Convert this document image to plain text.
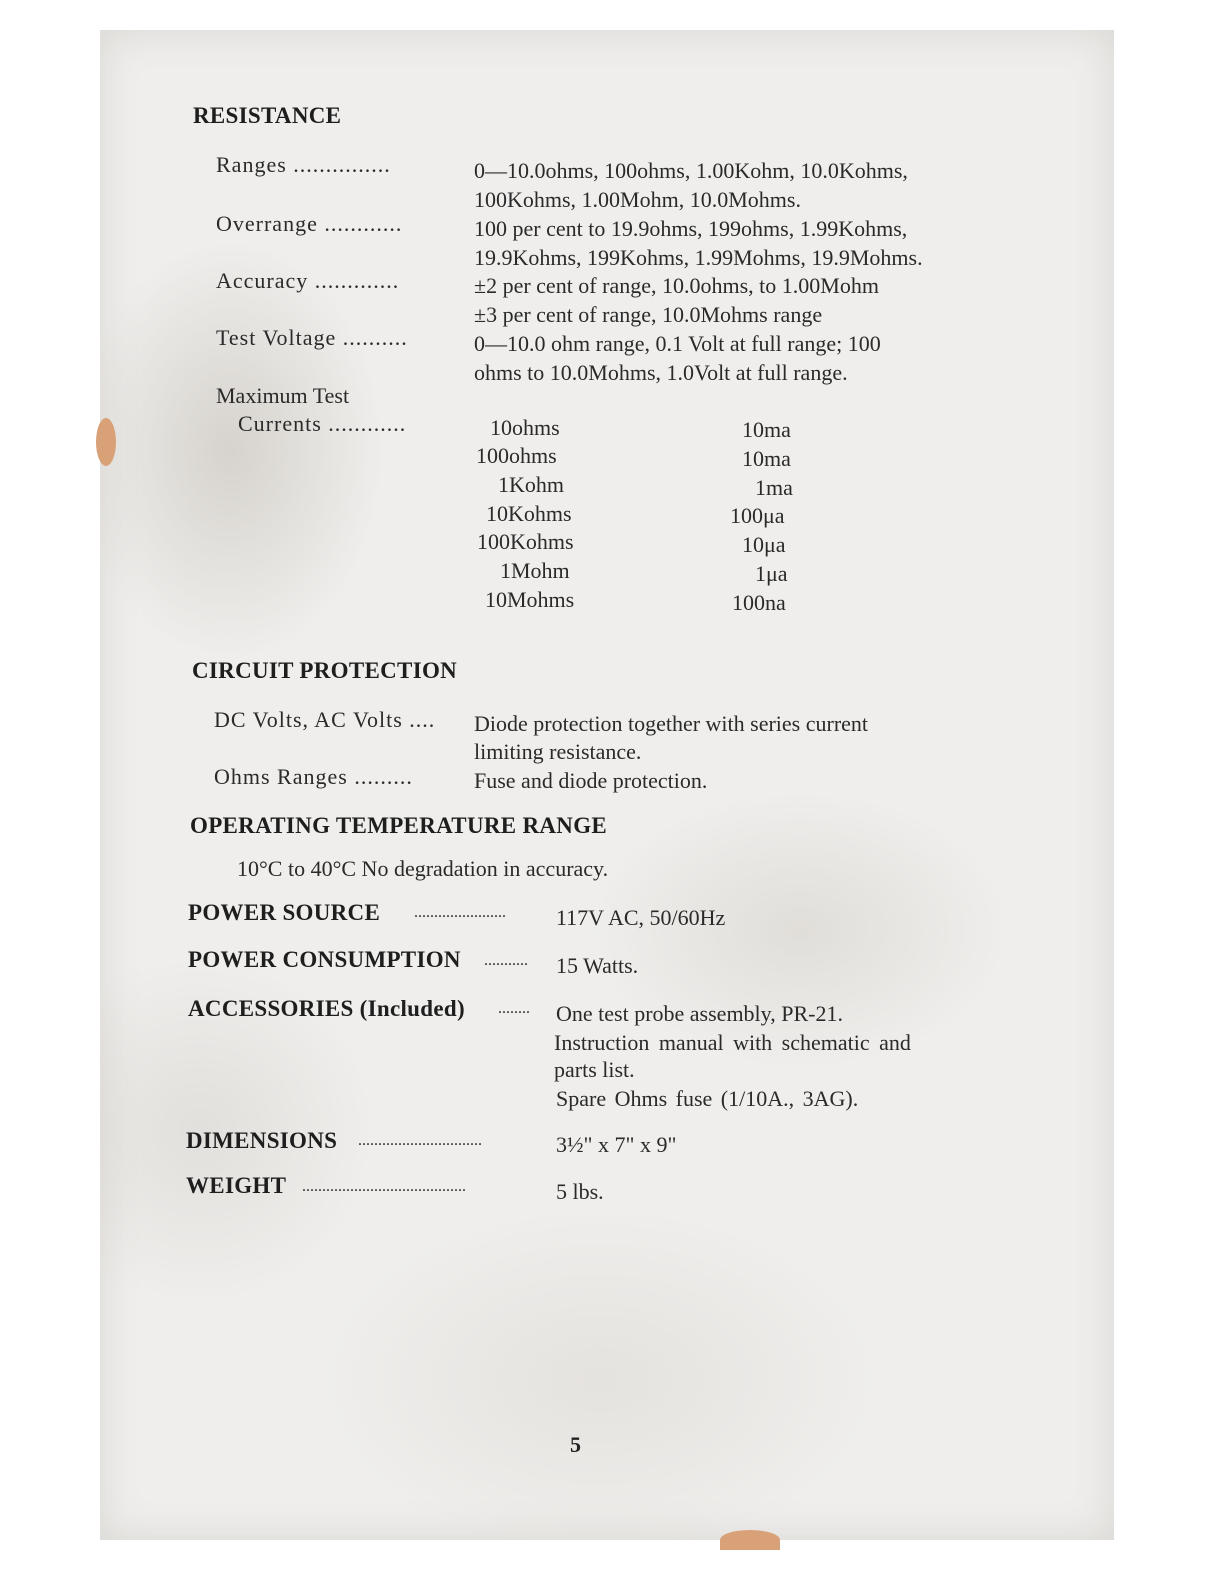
RESISTANCE
Ranges ...............	0—10.0ohms, 100ohms, 1.00Kohm, 10.0Kohms,
100Kohms, 1.00Mohm, 10.0Mohms.
Overrange ............	100 per cent to 19.9ohms, 199ohms, 1.99Kohms,
19.9Kohms, 199Kohms, 1.99Mohms, 19.9Mohms.
Accuracy .............	±2 per cent of range, 10.0ohms, to 1.00Mohm
±3 per cent of range, 10.0Mohms range
Test Voltage ..........	0—10.0 ohm range, 0.1 Volt at full range; 100
ohms to 10.0Mohms, 1.0Volt at full range.
Maximum Test
Currents ............	10ohms	10ma
100ohms	10ma
1Kohm	1ma
10Kohms	100μa
100Kohms	10μa
1Mohm	1μa
10Mohms	100na
CIRCUIT PROTECTION
DC Volts, AC Volts .... Diode protection together with series current
limiting resistance.
Ohms Ranges .........	Fuse and diode protection.
OPERATING TEMPERATURE RANGE
10°C to 40°C No degradation in accuracy.
POWER SOURCE ....................... 117V AC, 50/60Hz
POWER CONSUMPTION ........... 15 Watts.
ACCESSORIES (Included) ........ One test probe assembly, PR-21.
Instruction manual with schematic and
parts list.
Spare Ohms fuse (1/10A., 3AG).
DIMENSIONS ...............................	3½" x 7" x 9"
WEIGHT .........................................	5 lbs.
5
